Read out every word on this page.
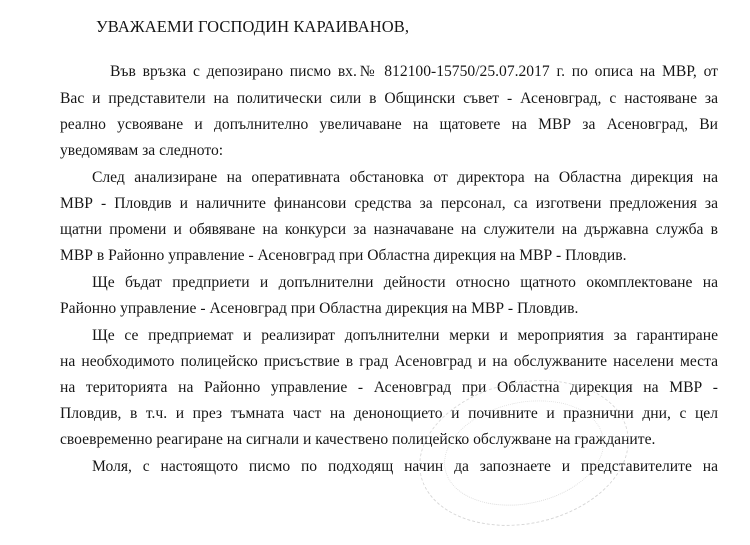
УВАЖАЕМИ ГОСПОДИН КАРАИВАНОВ,
Във връзка с депозирано писмо вх.№ 812100-15750/25.07.2017 г. по описа на МВР, от
Вас и представители на политически сили в Общински съвет - Асеновград, с настояване за
реално усвояване и допълнително увеличаване на щатовете на МВР за Асеновград, Ви
уведомявам за следното:
След анализиране на оперативната обстановка от директора на Областна дирекция на
МВР - Пловдив и наличните финансови средства за персонал, са изготвени предложения за
щатни промени и обявяване на конкурси за назначаване на служители на държавна служба в
МВР в Районно управление - Асеновград при Областна дирекция на МВР - Пловдив.
Ще бъдат предприети и допълнителни дейности относно щатното окомплектоване на
Районно управление - Асеновград при Областна дирекция на МВР - Пловдив.
Ще се предприемат и реализират допълнителни мерки и мероприятия за гарантиране
на необходимото полицейско присъствие в град Асеновград и на обслужваните населени места
на територията на Районно управление - Асеновград при Областна дирекция на МВР -
Пловдив, в т.ч. и през тъмната част на денонощието и почивните и празнични дни, с цел
своевременно реагиране на сигнали и качествено полицейско обслужване на гражданите.
Моля, с настоящото писмо по подходящ начин да запознаете и представителите на
